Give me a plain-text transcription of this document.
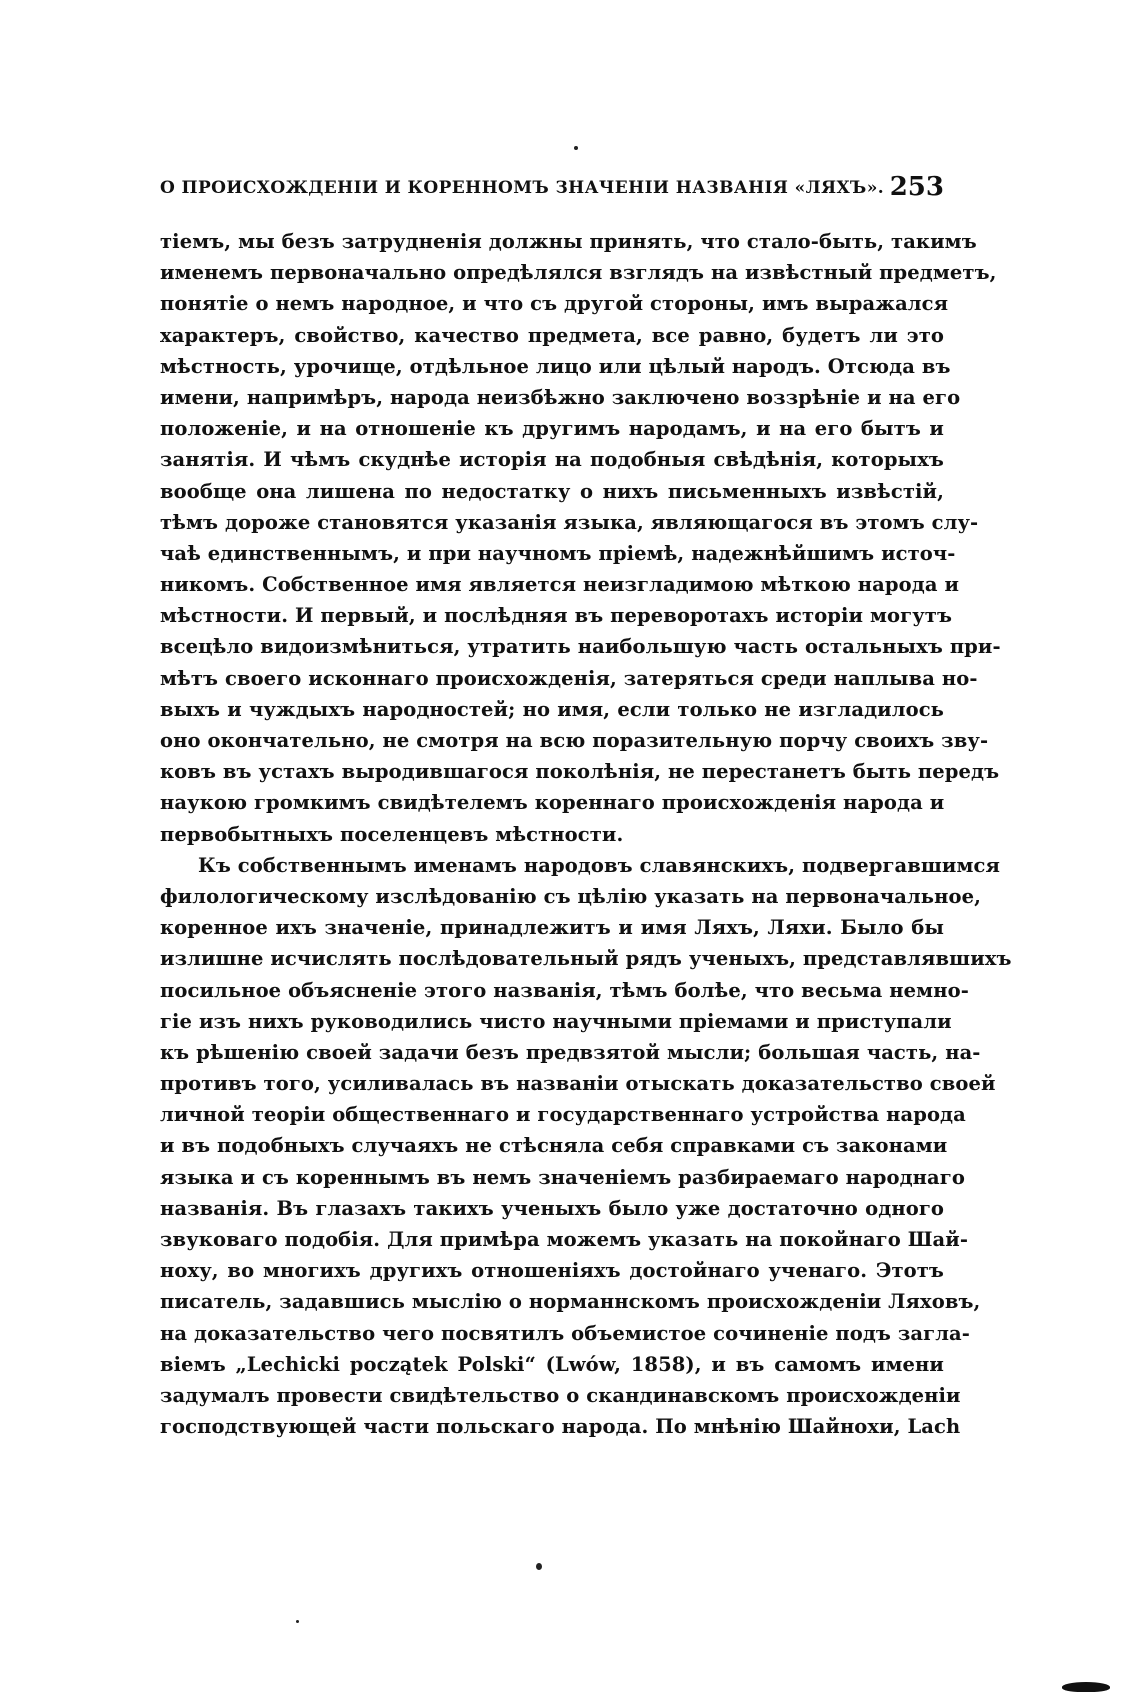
О ПРОИСХОЖДЕНІИ И КОРЕННОМЪ ЗНАЧЕНІИ НАЗВАНІЯ «ЛЯХЪ». 253
тіемъ, мы безъ затрудненія должны принять, что стало-быть, такимъ
именемъ первоначально опредѣлялся взглядъ на извѣстный предметъ,
понятіе о немъ народное, и что съ другой стороны, имъ выражался
характеръ, свойство, качество предмета, все равно, будетъ ли это
мѣстность, урочище, отдѣльное лицо или цѣлый народъ. Отсюда въ
имени, напримѣръ, народа неизбѣжно заключено воззрѣніе и на его
положеніе, и на отношеніе къ другимъ народамъ, и на его бытъ и
занятія. И чѣмъ скуднѣе исторія на подобныя свѣдѣнія, которыхъ
вообще она лишена по недостатку о нихъ письменныхъ извѣстій,
тѣмъ дороже становятся указанія языка, являющагося въ этомъ слу-
чаѣ единственнымъ, и при научномъ пріемѣ, надежнѣйшимъ источ-
никомъ. Собственное имя является неизгладимою мѣткою народа и
мѣстности. И первый, и послѣдняя въ переворотахъ исторіи могутъ
всецѣло видоизмѣниться, утратить наибольшую часть остальныхъ при-
мѣтъ своего исконнаго происхожденія, затеряться среди наплыва но-
выхъ и чуждыхъ народностей; но имя, если только не изгладилось
оно окончательно, не смотря на всю поразительную порчу своихъ зву-
ковъ въ устахъ выродившагося поколѣнія, не перестанетъ быть передъ
наукою громкимъ свидѣтелемъ кореннаго происхожденія народа и
первобытныхъ поселенцевъ мѣстности.
Къ собственнымъ именамъ народовъ славянскихъ, подвергавшимся
филологическому изслѣдованію съ цѣлію указать на первоначальное,
коренное ихъ значеніе, принадлежитъ и имя Ляхъ, Ляхи. Было бы
излишне исчислять послѣдовательный рядъ ученыхъ, представлявшихъ
посильное объясненіе этого названія, тѣмъ болѣе, что весьма немно-
гіе изъ нихъ руководились чисто научными пріемами и приступали
къ рѣшенію своей задачи безъ предвзятой мысли; большая часть, на-
противъ того, усиливалась въ названіи отыскать доказательство своей
личной теоріи общественнаго и государственнаго устройства народа
и въ подобныхъ случаяхъ не стѣсняла себя справками съ законами
языка и съ кореннымъ въ немъ значеніемъ разбираемаго народнаго
названія. Въ глазахъ такихъ ученыхъ было уже достаточно одного
звуковаго подобія. Для примѣра можемъ указать на покойнаго Шай-
ноху, во многихъ другихъ отношеніяхъ достойнаго ученаго. Этотъ
писатель, задавшись мыслію о норманнскомъ происхожденіи Ляховъ,
на доказательство чего посвятилъ объемистое сочиненіе подъ загла-
віемъ „Lechicki początek Polski“ (Lwów, 1858), и въ самомъ имени
задумалъ провести свидѣтельство о скандинавскомъ происхожденіи
господствующей части польскаго народа. По мнѣнію Шайнохи, Lach
